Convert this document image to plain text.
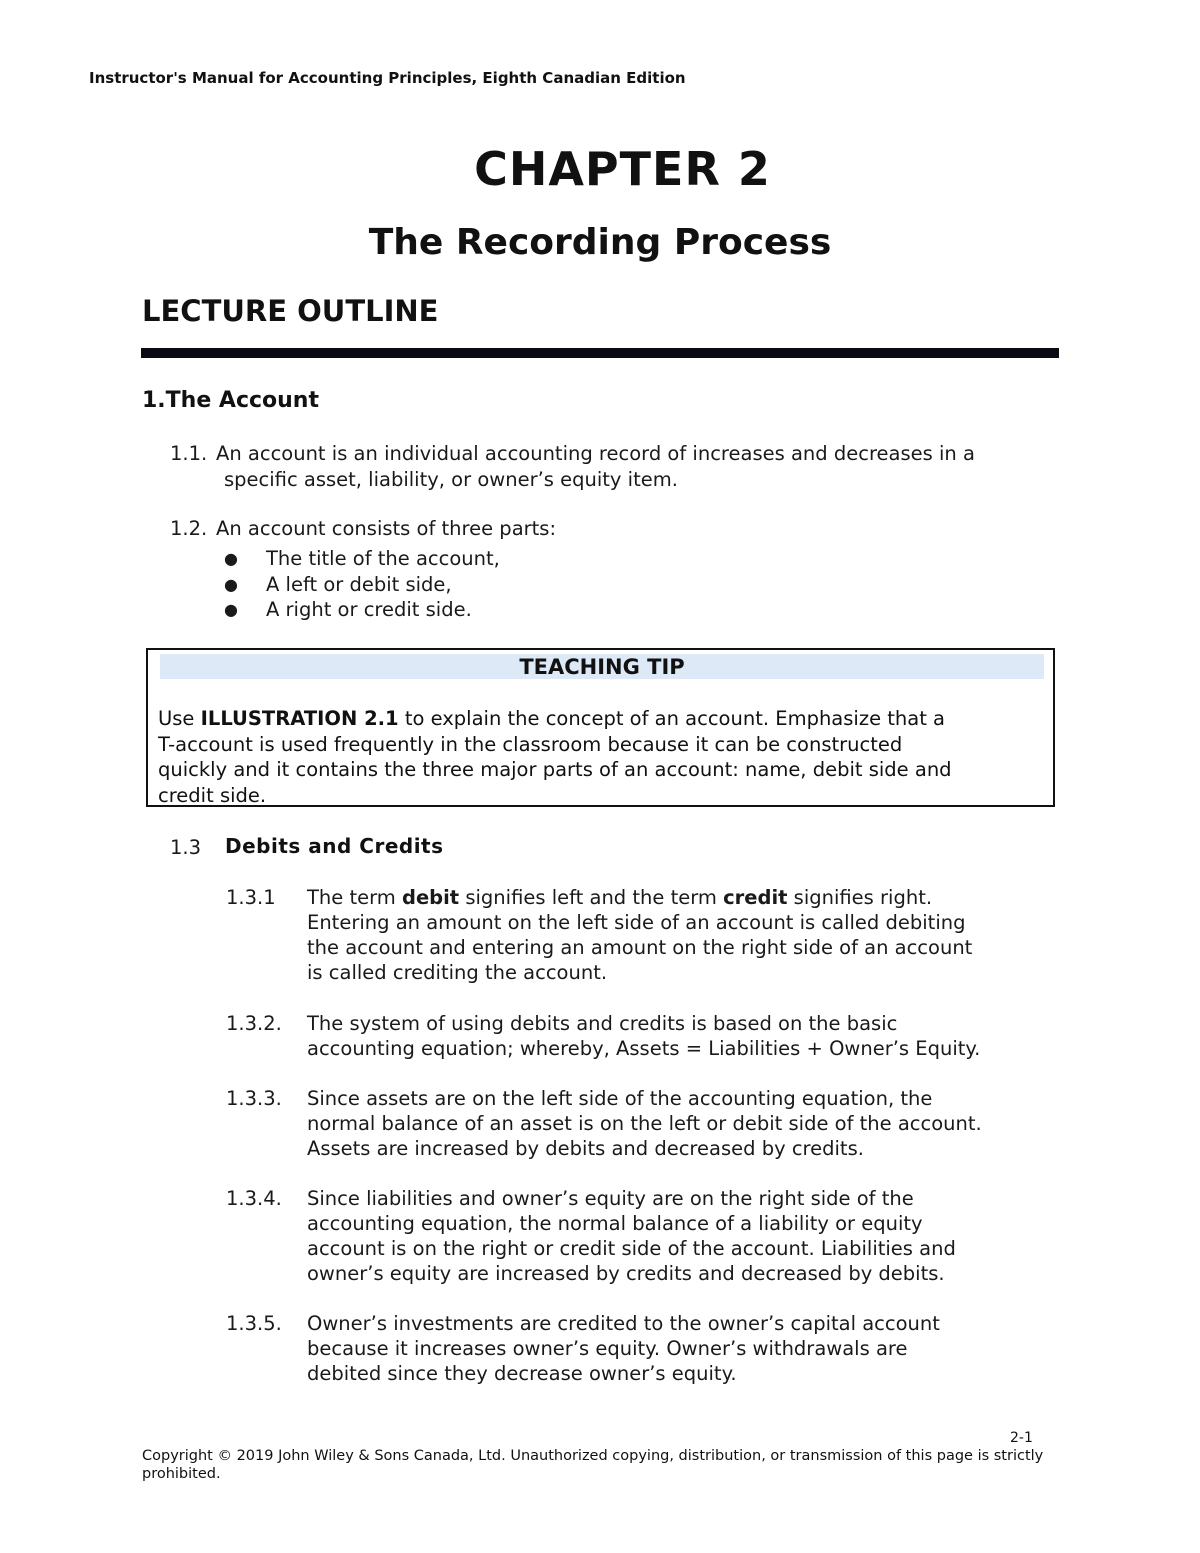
Instructor's Manual for Accounting Principles, Eighth Canadian Edition
CHAPTER 2
The Recording Process
LECTURE OUTLINE
1.The Account
1.1. An account is an individual accounting record of increases and decreases in a
specific asset, liability, or owner’s equity item.
1.2. An account consists of three parts:
● The title of the account,
● A left or debit side,
● A right or credit side.
TEACHING TIP
Use ILLUSTRATION 2.1 to explain the concept of an account. Emphasize that a
T-account is used frequently in the classroom because it can be constructed
quickly and it contains the three major parts of an account: name, debit side and
credit side.
1.3 Debits and Credits
1.3.1 The term debit signifies left and the term credit signifies right.
Entering an amount on the left side of an account is called debiting
the account and entering an amount on the right side of an account
is called crediting the account.
1.3.2. The system of using debits and credits is based on the basic
accounting equation; whereby, Assets = Liabilities + Owner’s Equity.
1.3.3. Since assets are on the left side of the accounting equation, the
normal balance of an asset is on the left or debit side of the account.
Assets are increased by debits and decreased by credits.
1.3.4. Since liabilities and owner’s equity are on the right side of the
accounting equation, the normal balance of a liability or equity
account is on the right or credit side of the account. Liabilities and
owner’s equity are increased by credits and decreased by debits.
1.3.5. Owner’s investments are credited to the owner’s capital account
because it increases owner’s equity. Owner’s withdrawals are
debited since they decrease owner’s equity.
2-1
Copyright © 2019 John Wiley & Sons Canada, Ltd. Unauthorized copying, distribution, or transmission of this page is strictly prohibited.
